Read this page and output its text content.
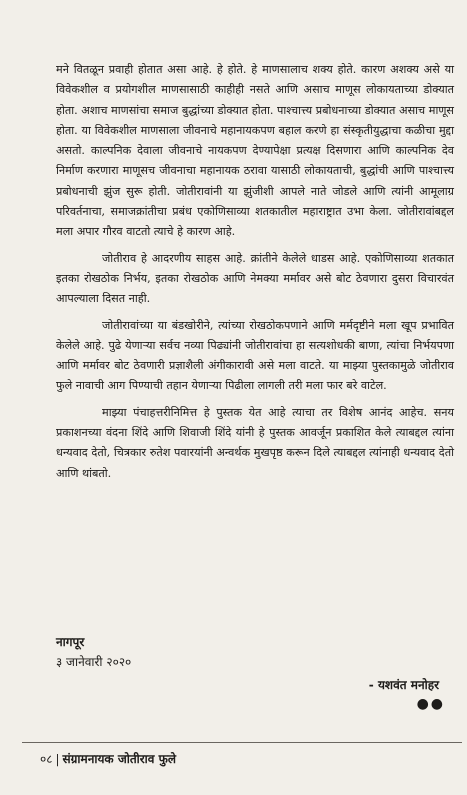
मने वितळून प्रवाही होतात असा आहे. हे होते. हे माणसालाच शक्य होते. कारण अशक्य असे या विवेकशील व प्रयोगशील माणसासाठी काहीही नसते आणि असाच माणूस लोकायताच्या डोक्यात होता. अशाच माणसांचा समाज बुद्धांच्या डोक्यात होता. पाश्चात्त्य प्रबोधनाच्या डोक्यात असाच माणूस होता. या विवेकशील माणसाला जीवनाचे महानायकपण बहाल करणे हा संस्कृतीयुद्धाचा कळीचा मुद्दा असतो. काल्पनिक देवाला जीवनाचे नायकपण देण्यापेक्षा प्रत्यक्ष दिसणारा आणि काल्पनिक देव निर्माण करणारा माणूसच जीवनाचा महानायक ठरावा यासाठी लोकायताची, बुद्धांची आणि पाश्चात्त्य प्रबोधनाची झुंज सुरू होती. जोतीरावांनी या झुंजीशी आपले नाते जोडले आणि त्यांनी आमूलाग्र परिवर्तनाचा, समाजक्रांतीचा प्रबंध एकोणिसाव्या शतकातील महाराष्ट्रात उभा केला. जोतीरावांबद्दल मला अपार गौरव वाटतो त्याचे हे कारण आहे.

जोतीराव हे आदरणीय साहस आहे. क्रांतीने केलेले धाडस आहे. एकोणिसाव्या शतकात इतका रोखठोक निर्भय, इतका रोखठोक आणि नेमक्या मर्मावर असे बोट ठेवणारा दुसरा विचारवंत आपल्याला दिसत नाही.

जोतीरावांच्या या बंडखोरीने, त्यांच्या रोखठोकपणाने आणि मर्मदृष्टीने मला खूप प्रभावित केलेले आहे. पुढे येणाऱ्या सर्वच नव्या पिढ्यांनी जोतीरावांचा हा सत्यशोधकी बाणा, त्यांचा निर्भयपणा आणि मर्मावर बोट ठेवणारी प्रज्ञाशैली अंगीकारावी असे मला वाटते. या माझ्या पुस्तकामुळे जोतीराव फुले नावाची आग पिण्याची तहान येणाऱ्या पिढीला लागली तरी मला फार बरे वाटेल.

माझ्या पंचाहत्तरीनिमित्त हे पुस्तक येत आहे त्याचा तर विशेष आनंद आहेच. सनय प्रकाशनच्या वंदना शिंदे आणि शिवाजी शिंदे यांनी हे पुस्तक आवर्जून प्रकाशित केले त्याबद्दल त्यांना धन्यवाद देतो, चित्रकार रुतेश पवारयांनी अन्वर्थक मुखपृष्ठ करून दिले त्याबद्दल त्यांनाही धन्यवाद देतो आणि थांबतो.

नागपूर
३ जानेवारी २०२०
- यशवंत मनोहर
●●
०८ | संग्रामनायक जोतीराव फुले
